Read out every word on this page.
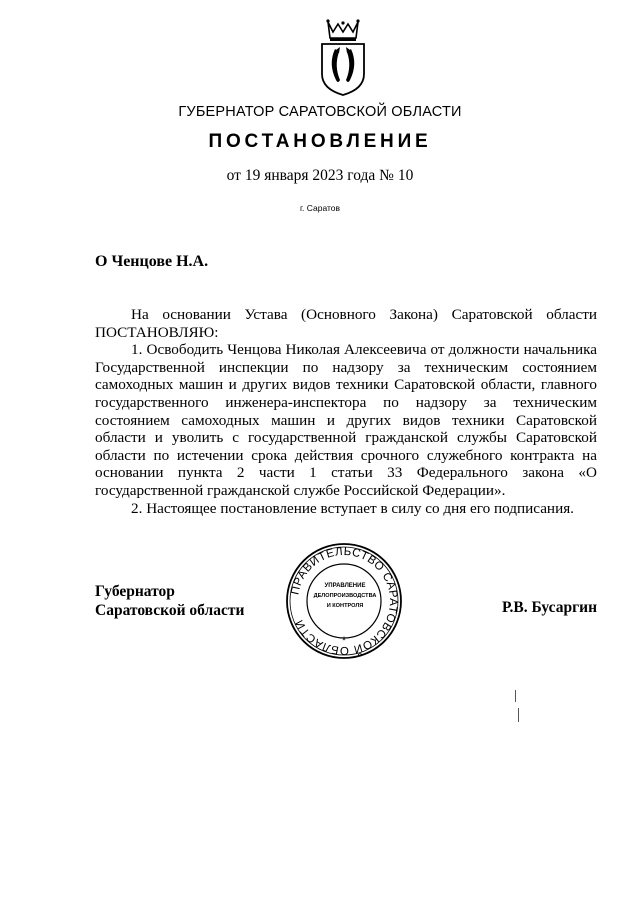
ГУБЕРНАТОР САРАТОВСКОЙ ОБЛАСТИ
ПОСТАНОВЛЕНИЕ
от 19 января 2023 года № 10
г. Саратов
О Ченцове Н.А.

На основании Устава (Основного Закона) Саратовской области ПОСТАНОВЛЯЮ:

1. Освободить Ченцова Николая Алексеевича от должности начальника Государственной инспекции по надзору за техническим состоянием самоходных машин и других видов техники Саратовской области, главного государственного инженера-инспектора по надзору за техническим состоянием самоходных машин и других видов техники Саратовской области и уволить с государственной гражданской службы Саратовской области по истечении срока действия срочного служебного контракта на основании пункта 2 части 1 статьи 33 Федерального закона «О государственной гражданской службе Российской Федерации».

2. Настоящее постановление вступает в силу со дня его подписания.

Губернатор
Саратовской области
ПРАВИТЕЛЬСТВО САРАТОВСКОЙ ОБЛАСТИ
УПРАВЛЕНИЕ
ДЕЛОПРОИЗВОДСТВА
И КОНТРОЛЯ
*
Р.В. Бусаргин
